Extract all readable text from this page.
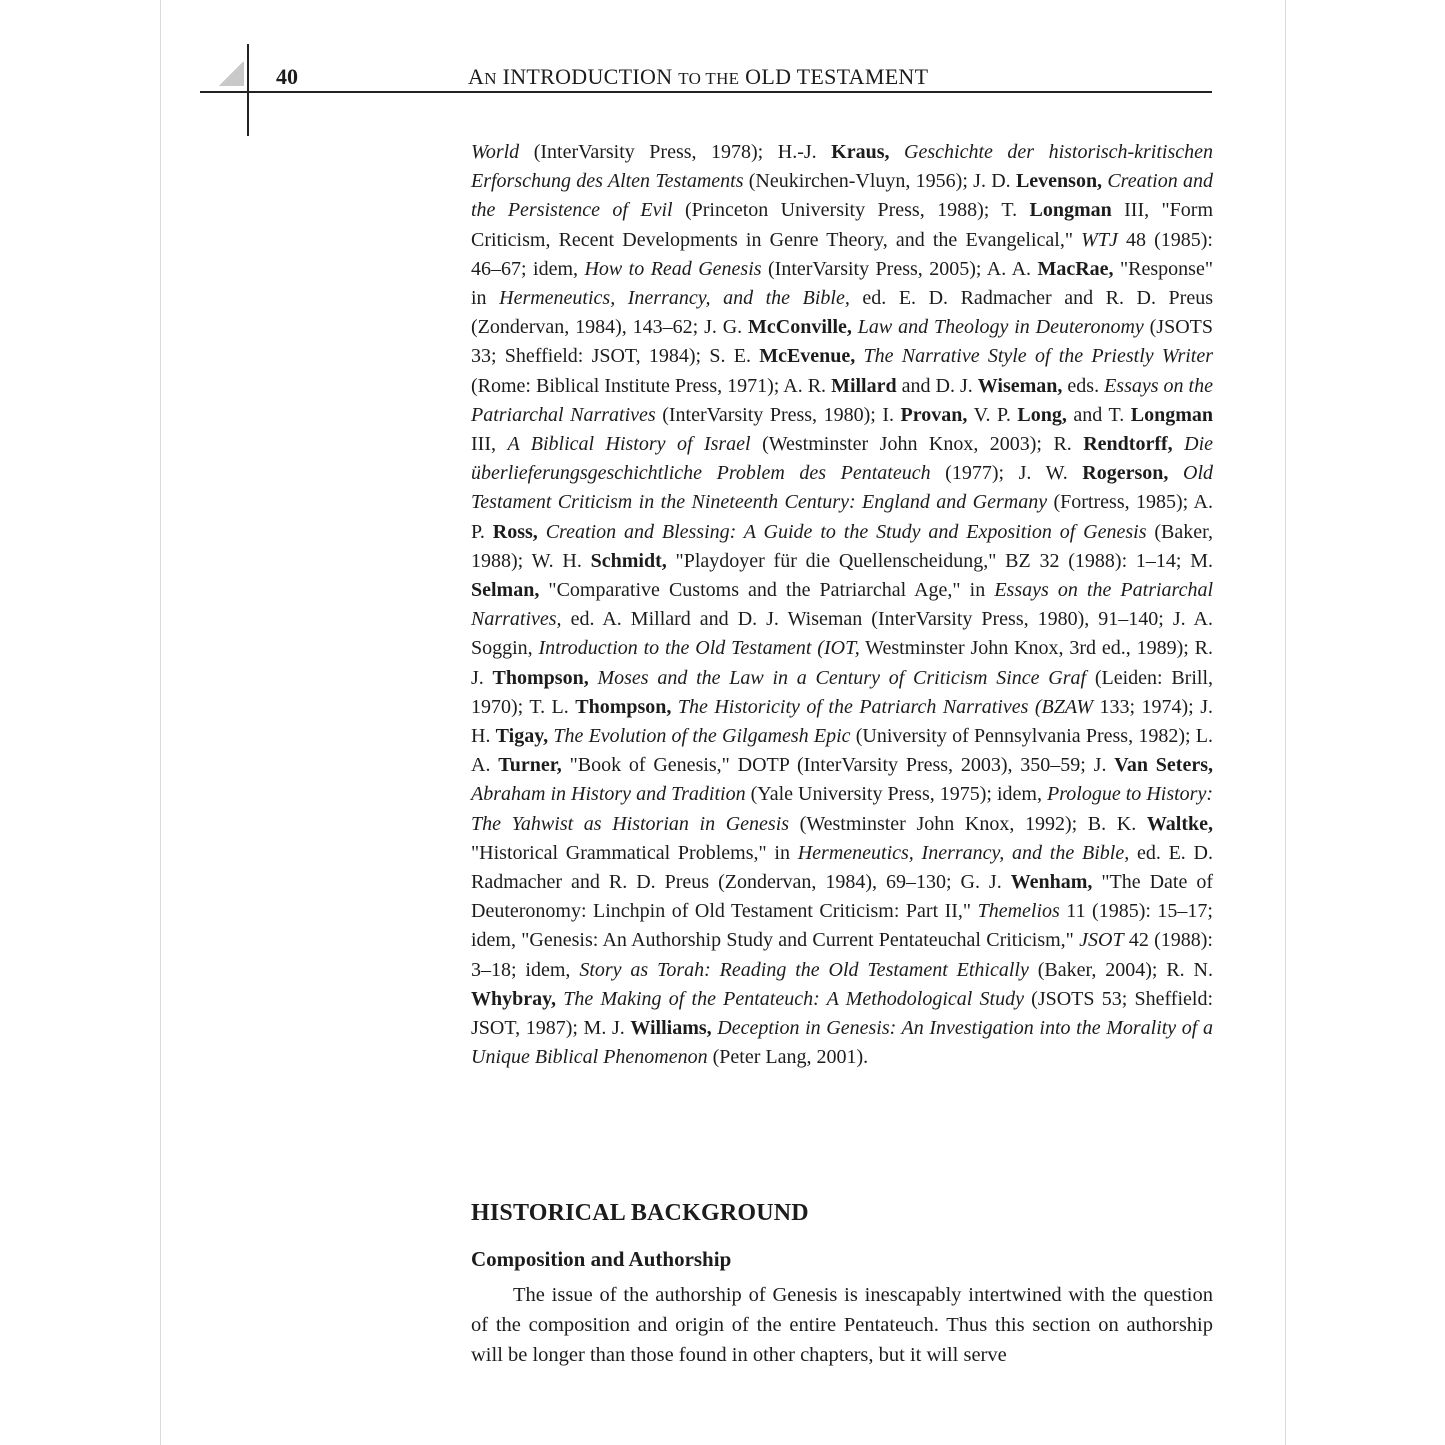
40	AN INTRODUCTION TO THE OLD TESTAMENT

World (InterVarsity Press, 1978); H.-J. Kraus, Geschichte der historisch-kritischen Erforschung des Alten Testaments (Neukirchen-Vluyn, 1956); J. D. Levenson, Creation and the Persistence of Evil (Princeton University Press, 1988); T. Longman III, "Form Criticism, Recent Developments in Genre Theory, and the Evangelical," WTJ 48 (1985): 46–67; idem, How to Read Genesis (InterVarsity Press, 2005); A. A. MacRae, "Response" in Hermeneutics, Inerrancy, and the Bible, ed. E. D. Radmacher and R. D. Preus (Zondervan, 1984), 143–62; J. G. McConville, Law and Theology in Deuteronomy (JSOTS 33; Sheffield: JSOT, 1984); S. E. McEvenue, The Narrative Style of the Priestly Writer (Rome: Biblical Institute Press, 1971); A. R. Millard and D. J. Wiseman, eds. Essays on the Patriarchal Narratives (InterVarsity Press, 1980); I. Provan, V. P. Long, and T. Longman III, A Biblical History of Israel (Westminster John Knox, 2003); R. Rendtorff, Die überlieferungsgeschichtliche Problem des Pentateuch (1977); J. W. Rogerson, Old Testament Criticism in the Nineteenth Century: England and Germany (Fortress, 1985); A. P. Ross, Creation and Blessing: A Guide to the Study and Exposition of Genesis (Baker, 1988); W. H. Schmidt, "Playdoyer für die Quellenscheidung," BZ 32 (1988): 1–14; M. Selman, "Comparative Customs and the Patriarchal Age," in Essays on the Patriarchal Narratives, ed. A. Millard and D. J. Wiseman (InterVarsity Press, 1980), 91–140; J. A. Soggin, Introduction to the Old Testament (IOT, Westminster John Knox, 3rd ed., 1989); R. J. Thompson, Moses and the Law in a Century of Criticism Since Graf (Leiden: Brill, 1970); T. L. Thompson, The Historicity of the Patriarch Narratives (BZAW 133; 1974); J. H. Tigay, The Evolution of the Gilgamesh Epic (University of Pennsylvania Press, 1982); L. A. Turner, "Book of Genesis," DOTP (InterVarsity Press, 2003), 350–59; J. Van Seters, Abraham in History and Tradition (Yale University Press, 1975); idem, Prologue to History: The Yahwist as Historian in Genesis (Westminster John Knox, 1992); B. K. Waltke, "Historical Grammatical Problems," in Hermeneutics, Inerrancy, and the Bible, ed. E. D. Radmacher and R. D. Preus (Zondervan, 1984), 69–130; G. J. Wenham, "The Date of Deuteronomy: Linchpin of Old Testament Criticism: Part II," Themelios 11 (1985): 15–17; idem, "Genesis: An Authorship Study and Current Pentateuchal Criticism," JSOT 42 (1988): 3–18; idem, Story as Torah: Reading the Old Testament Ethically (Baker, 2004); R. N. Whybray, The Making of the Pentateuch: A Methodological Study (JSOTS 53; Sheffield: JSOT, 1987); M. J. Williams, Deception in Genesis: An Investigation into the Morality of a Unique Biblical Phenomenon (Peter Lang, 2001).

HISTORICAL BACKGROUND
Composition and Authorship

The issue of the authorship of Genesis is inescapably intertwined with the question of the composition and origin of the entire Pentateuch. Thus this section on authorship will be longer than those found in other chapters, but it will serve
